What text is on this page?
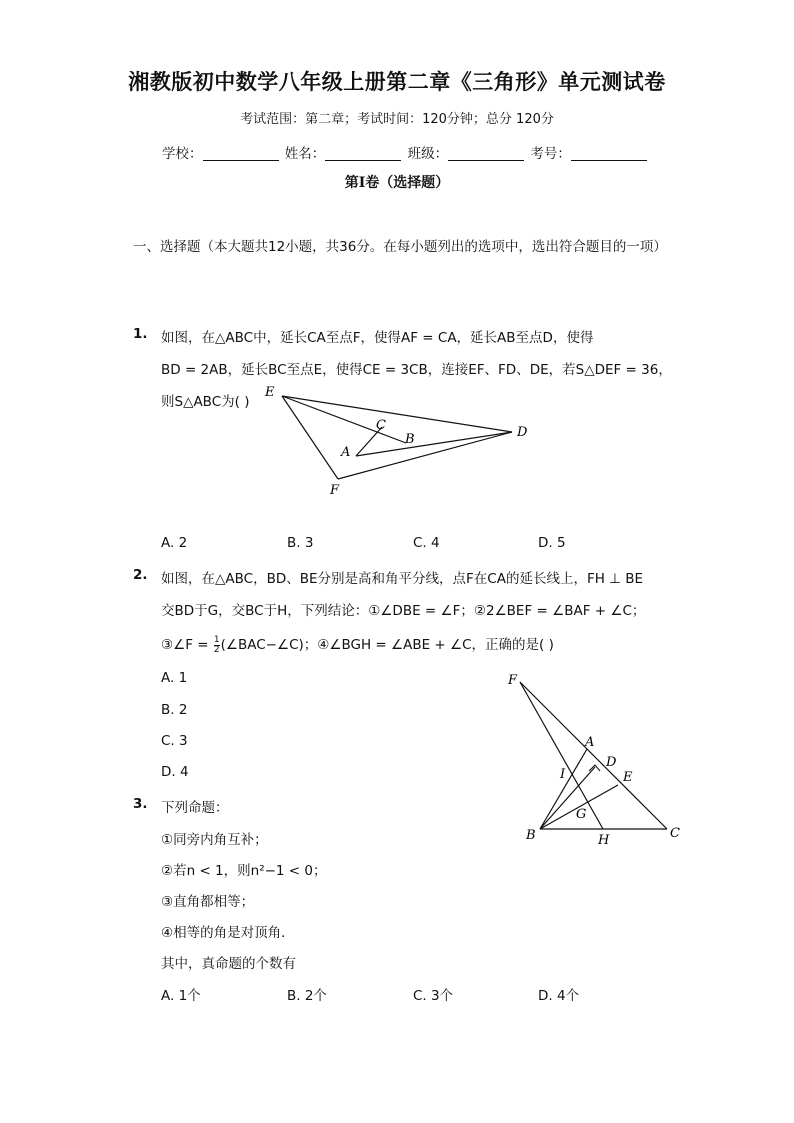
湘教版初中数学八年级上册第二章《三角形》单元测试卷
考试范围：第二章；考试时间：120分钟；总分 120分
学校：	姓名：	班级：	考号：
第I卷（选择题）
一、选择题（本大题共12小题，共36分。在每小题列出的选项中，选出符合题目的一项）
1. 如图，在△ABC中，延长CA至点F，使得AF = CA，延长AB至点D，使得
BD = 2AB，延长BC至点E，使得CE = 3CB，连接EF、FD、DE，若S△DEF = 36，
则S△ABC为( )
E
C
B	D
A
F
A. 2	B. 3	C. 4	D. 5
2. 如图，在△ABC，BD、BE分别是高和角平分线，点F在CA的延长线上，FH ⊥ BE
交BD于G，交BC于H，下列结论：①∠DBE = ∠F；②2∠BEF = ∠BAF + ∠C；
③∠F = $\frac{1}{2}$ (∠BAC−∠C)；④∠BGH = ∠ABE + ∠C，正确的是( )
A. 1
B. 2
C. 3
D. 4
F
A
D
I	E
G
B	H	C
3. 下列命题：
①同旁内角互补；
②若n < 1，则n²−1 < 0；
③直角都相等；
④相等的角是对顶角．
其中，真命题的个数有
A. 1个	B. 2个	C. 3个	D. 4个
